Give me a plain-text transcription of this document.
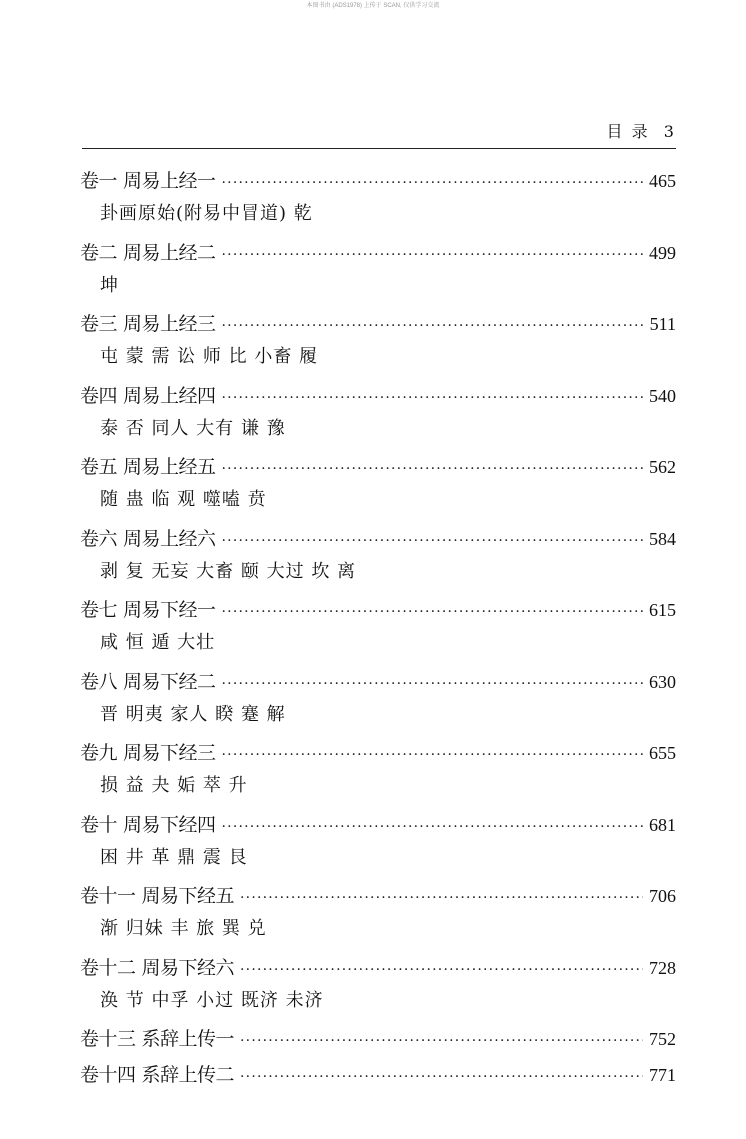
本图书由 (ADS1978) 上传于 SCAN, 仅供学习交流
目 录  3
卷一 周易上经一 ·····	465
卦画原始(附易中冒道) 乾
卷二 周易上经二 ·····	499
坤
卷三 周易上经三 ·····	511
屯 蒙 需 讼 师 比 小畜 履
卷四 周易上经四 ·····	540
泰 否 同人 大有 谦 豫
卷五 周易上经五 ·····	562
随 蛊 临 观 噬嗑 贲
卷六 周易上经六 ·····	584
剥 复 无妄 大畜 颐 大过 坎 离
卷七 周易下经一 ·····	615
咸 恒 遁 大壮
卷八 周易下经二 ·····	630
晋 明夷 家人 睽 蹇 解
卷九 周易下经三 ·····	655
损 益 夬 姤 萃 升
卷十 周易下经四 ·····	681
困 井 革 鼎 震 艮
卷十一 周易下经五 ·····	706
渐 归妹 丰 旅 巽 兑
卷十二 周易下经六 ·····	728
涣 节 中孚 小过 既济 未济
卷十三 系辞上传一 ·····	752
卷十四 系辞上传二 ·····	771
